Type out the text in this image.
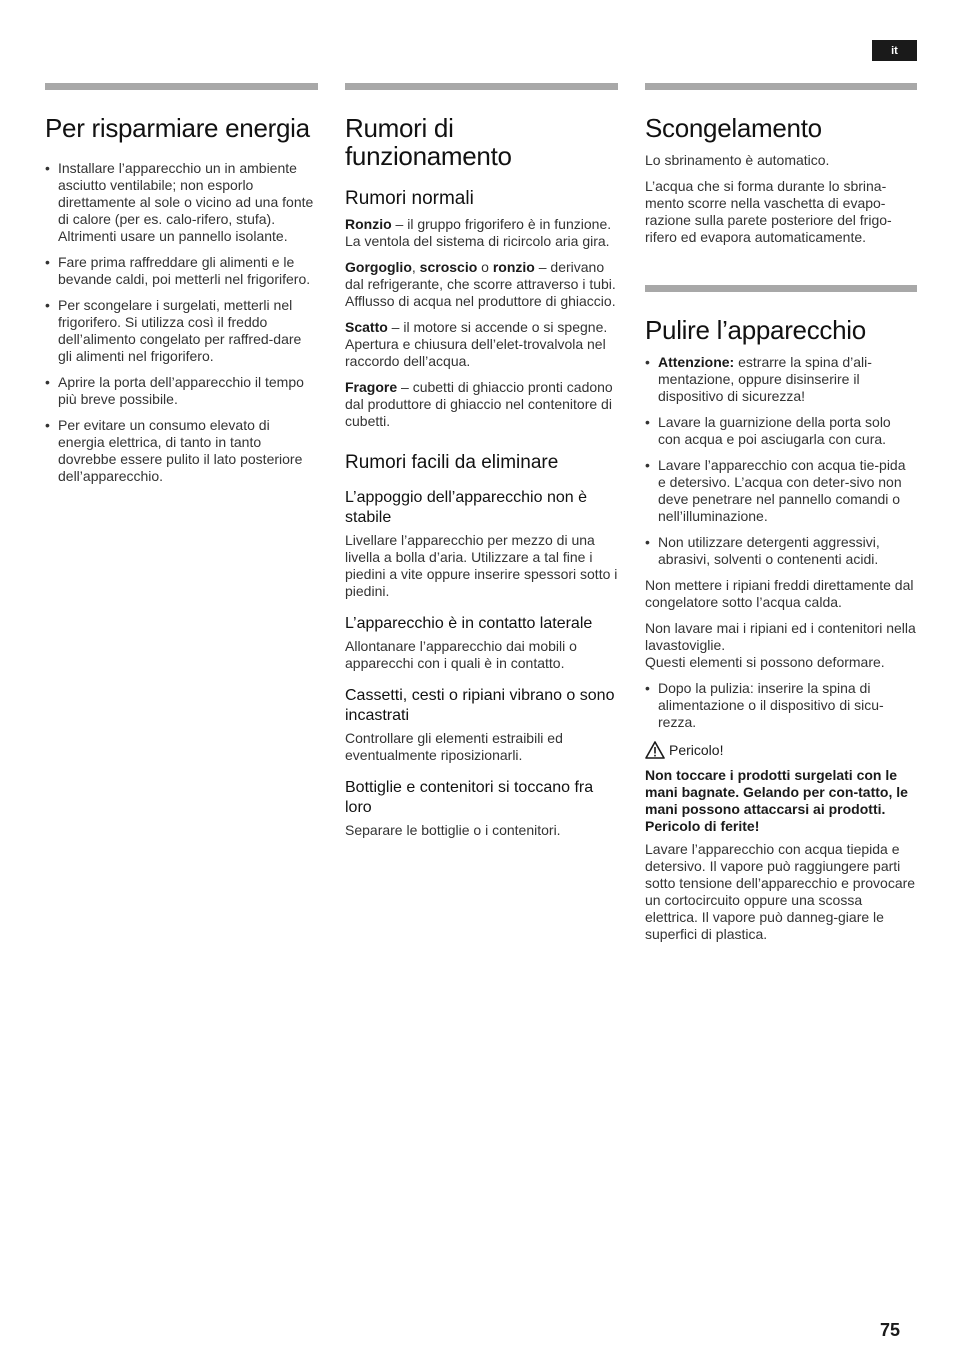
it
Per risparmiare energia
• Installare l’apparecchio un in ambiente asciutto ventilabile; non esporlo direttamente al sole o vicino ad una fonte di calore (per es. calo-rifero, stufa). Altrimenti usare un pannello isolante.
• Fare prima raffreddare gli alimenti e le bevande caldi, poi metterli nel frigorifero.
• Per scongelare i surgelati, metterli nel frigorifero. Si utilizza così il freddo dell’alimento congelato per raffred-dare gli alimenti nel frigorifero.
• Aprire la porta dell’apparecchio il tempo più breve possibile.
• Per evitare un consumo elevato di energia elettrica, di tanto in tanto dovrebbe essere pulito il lato posteriore dell’apparecchio.
Rumori di funzionamento
Rumori normali

Ronzio – il gruppo frigorifero è in funzione. La ventola del sistema di ricircolo aria gira.

Gorgoglio, scroscio o ronzio – derivano dal refrigerante, che scorre attraverso i tubi. Afflusso di acqua nel produttore di ghiaccio.

Scatto – il motore si accende o si spegne. Apertura e chiusura dell’elet-trovalvola nel raccordo dell’acqua.

Fragore – cubetti di ghiaccio pronti cadono dal produttore di ghiaccio nel contenitore di cubetti.

Rumori facili da eliminare
L’appoggio dell’apparecchio non è stabile

Livellare l’apparecchio per mezzo di una livella a bolla d’aria. Utilizzare a tal fine i piedini a vite oppure inserire spessori sotto i piedini.

L’apparecchio è in contatto laterale

Allontanare l’apparecchio dai mobili o apparecchi con i quali è in contatto.

Cassetti, cesti o ripiani vibrano o sono incastrati

Controllare gli elementi estraibili ed eventualmente riposizionarli.

Bottiglie e contenitori si toccano fra loro

Separare le bottiglie o i contenitori.

Scongelamento

Lo sbrinamento è automatico.

L’acqua che si forma durante lo sbrina-mento scorre nella vaschetta di evapo-razione sulla parete posteriore del frigo-rifero ed evapora automaticamente.

Pulire l’apparecchio
• Attenzione: estrarre la spina d’ali-mentazione, oppure disinserire il dispositivo di sicurezza!
• Lavare la guarnizione della porta solo con acqua e poi asciugarla con cura.
• Lavare l’apparecchio con acqua tie-pida e detersivo. L’acqua con deter-sivo non deve penetrare nel pannello comandi o nell’illuminazione.
• Non utilizzare detergenti aggressivi, abrasivi, solventi o contenenti acidi.

Non mettere i ripiani freddi direttamente dal congelatore sotto l’acqua calda.

Non lavare mai i ripiani ed i contenitori nella lavastoviglie.

Questi elementi si possono deformare.

• Dopo la pulizia: inserire la spina di alimentazione o il dispositivo di sicu-rezza.
Pericolo!

Non toccare i prodotti surgelati con le mani bagnate. Gelando per con-tatto, le mani possono attaccarsi ai prodotti. Pericolo di ferite!

Lavare l’apparecchio con acqua tiepida e detersivo. Il vapore può raggiungere parti sotto tensione dell’apparecchio e provocare un cortocircuito oppure una scossa elettrica. Il vapore può danneg-giare le superfici di plastica.

75
